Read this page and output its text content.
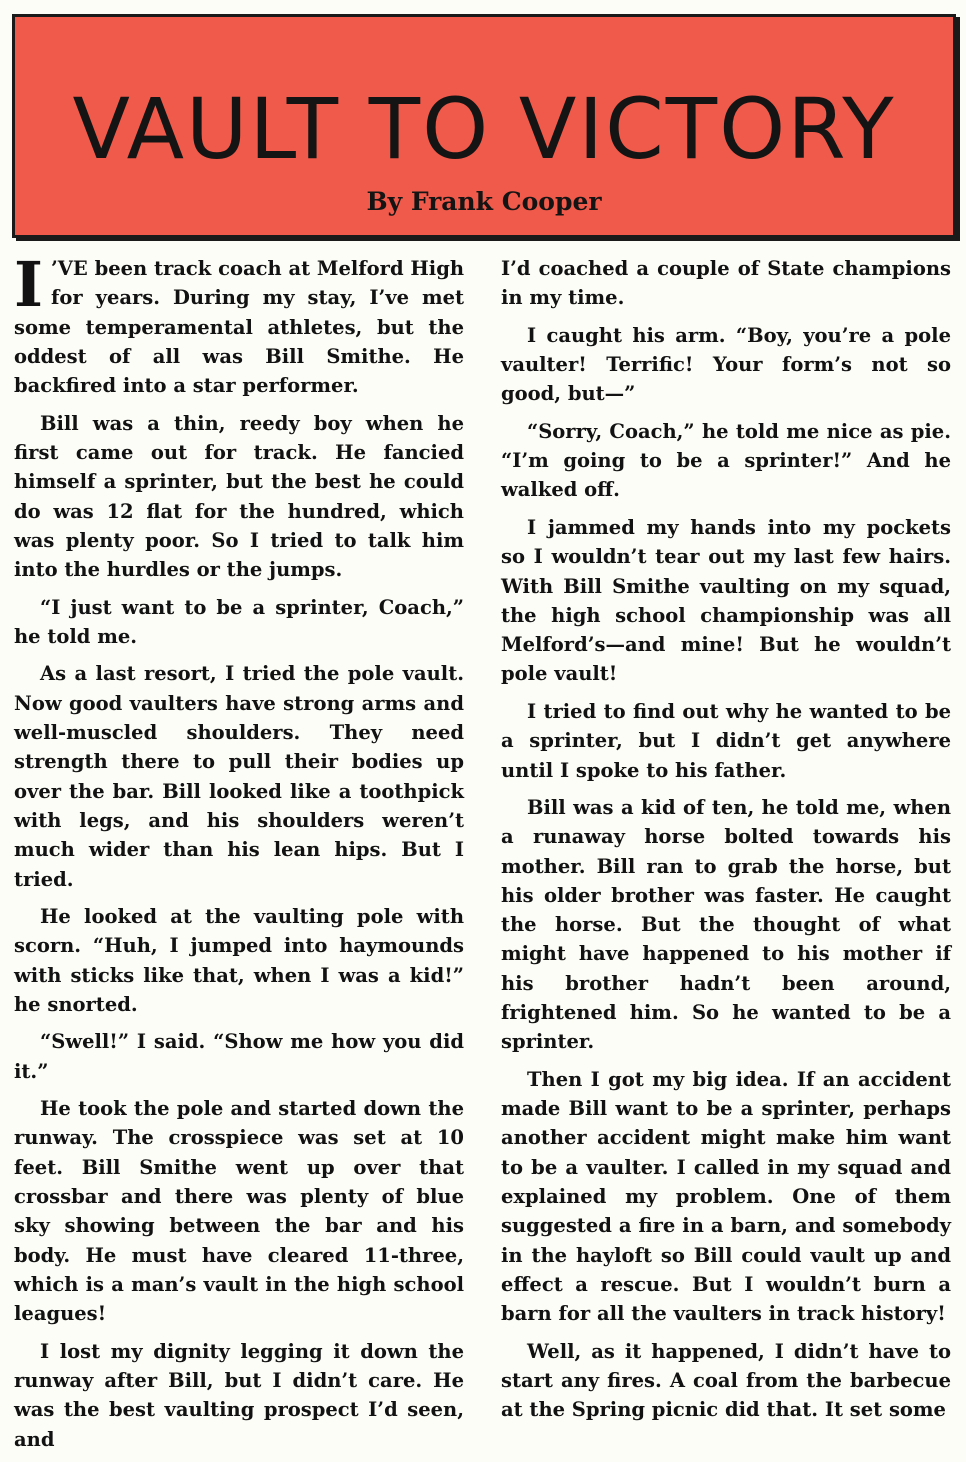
VAULT TO VICTORY
By Frank Cooper

I ’VE been track coach at Melford High for years. During my stay, I’ve met some temperamental athletes, but the oddest of all was Bill Smithe. He backfired into a star performer.

Bill was a thin, reedy boy when he first came out for track. He fancied himself a sprinter, but the best he could do was 12 flat for the hundred, which was plenty poor. So I tried to talk him into the hurdles or the jumps.

“I just want to be a sprinter, Coach,” he told me.

As a last resort, I tried the pole vault. Now good vaulters have strong arms and well-muscled shoulders. They need strength there to pull their bodies up over the bar. Bill looked like a toothpick with legs, and his shoulders weren’t much wider than his lean hips. But I tried.

He looked at the vaulting pole with scorn. “Huh, I jumped into haymounds with sticks like that, when I was a kid!” he snorted.

“Swell!” I said. “Show me how you did it.”

He took the pole and started down the runway. The crosspiece was set at 10 feet. Bill Smithe went up over that crossbar and there was plenty of blue sky showing between the bar and his body. He must have cleared 11-three, which is a man’s vault in the high school leagues!

I lost my dignity legging it down the runway after Bill, but I didn’t care. He was the best vaulting prospect I’d seen, and

I’d coached a couple of State champions in my time.

I caught his arm. “Boy, you’re a pole vaulter! Terrific! Your form’s not so good, but—”

“Sorry, Coach,” he told me nice as pie. “I’m going to be a sprinter!” And he walked off.

I jammed my hands into my pockets so I wouldn’t tear out my last few hairs. With Bill Smithe vaulting on my squad, the high school championship was all Melford’s—and mine! But he wouldn’t pole vault!

I tried to find out why he wanted to be a sprinter, but I didn’t get anywhere until I spoke to his father.

Bill was a kid of ten, he told me, when a runaway horse bolted towards his mother. Bill ran to grab the horse, but his older brother was faster. He caught the horse. But the thought of what might have happened to his mother if his brother hadn’t been around, frightened him. So he wanted to be a sprinter.

Then I got my big idea. If an accident made Bill want to be a sprinter, perhaps another accident might make him want to be a vaulter. I called in my squad and explained my problem. One of them suggested a fire in a barn, and somebody in the hayloft so Bill could vault up and effect a rescue. But I wouldn’t burn a barn for all the vaulters in track history!

Well, as it happened, I didn’t have to start any fires. A coal from the barbecue at the Spring picnic did that. It set some
